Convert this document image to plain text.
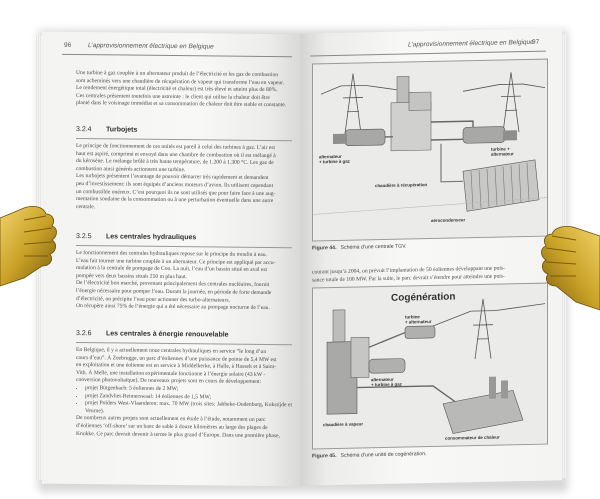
96	L’approvisionnement électrique en Belgique
Une turbine à gaz couplée à un alternateur produit de l’électricité et les gaz de combustion
sont acheminés vers une chaudière de récupération de vapeur qui transforme l’eau en vapeur.
Le rendement énergétique total (électricité et chaleur) est très élevé et atteint plus de 80%.
Ces centrales présentent toutefois une astreinte : le client qui utilise la chaleur doit être
planté dans le voisinage immédiat et sa consommation de chaleur doit être stable et constante.
3.2.4 Turbojets
Le principe de fonctionnement de ces unités est pareil à celui des turbines à gaz. L’air est
haut est aspiré, comprimé et envoyé dans une chambre de combustion où il est mélangé à
du kérosène. Le mélange brûlé à très haute température, de 1.200 à 1.300 °C. Les gaz de
combustion ainsi générés actionnent une turbine.
Les turbojets présentent l’avantage de pouvoir démarrer très rapidement et demandent
peu d’investissement: ils sont équipés d’anciens moteurs d’avion. Ils utilisent cependant
un combustible onéreux. C’est pourquoi ils ne sont utilisés que pour faire face à une aug-
mentation soudaine de la consommation ou à une perturbation éventuelle dans une autre
centrale.
3.2.5 Les centrales hydrauliques
Le fonctionnement des centrales hydrauliques repose sur le principe du moulin à eau.
L’eau fait tourner une turbine couplée à un alternateur. Ce principe est appliqué par accu-
mulation à la centrale de pompage de Coo. La nuit, l’eau d’un bassin situé en aval est
pompée vers deux bassins situés 250 m plus haut.
De l’électricité bon marché, provenant principalement des centrales nucléaires, fournit
l’énergie nécessaire pour pomper l’eau. Durant la journée, en période de forte demande
d’électricité, on précipite l’eau pour actionner des turbo-alternateurs.
On récupère ainsi 75% de l’énergie qui a été nécessaire au pompage nocturne de l’eau.
3.2.6 Les centrales à énergie renouvelable
En Belgique, il y a actuellement onze centrales hydrauliques en service “le long d’un
cours d’eau”. À Zeebrugge, un parc d’éoliennes d’une puissance de pointe de 5,4 MW est
en exploitation et une éolienne est en service à Middelkerke, à Halle, à Hasselt et à Saint-
Vith. À Melle, une installation expérimentale fonctionne à l’énergie solaire (43 kW -
conversion photovoltaïque). De nouveaux projets sont en cours de développement:
• projet Bütgenbach: 5 éoliennes de 2 MW;
• projet Zandvliet-Reimerswaal: 14 éoliennes de 1,5 MW;
• projet Polders West-Vlaanderen: max. 70 MW (trois sites: Jabbeke-Oudenburg, Kokstijde et Veurne).
De nombreux autres projets sont actuellement en étude à l’étude, notamment un parc
d’éoliennes ‘off-shore’ sur un banc de sable à douze kilomètres au large des plages de
Knokke. Ce parc devrait devenir à terme le plus grand d’Europe. Dans une première phase,
L’approvisionnement électrique en Belgique
97
alternateur
+ turbine à gaz
turbine +
alternateur
chaudière à récupération
aérocondenseur
Figure 44. Schéma d’une centrale TGV.
courant jusqu’à 2004, on prévoit l’implantation de 50 éoliennes développant une puis-
sance totale de 100 MW. Par la suite, le parc devrait s’étendre pour atteindre une puis-
Cogénération
turbine
+ alternateur
alternateur
+ turbine à gaz
chaudière à vapeur
consommateur de chaleur
Figure 45. Schéma d’une unité de cogénération.
